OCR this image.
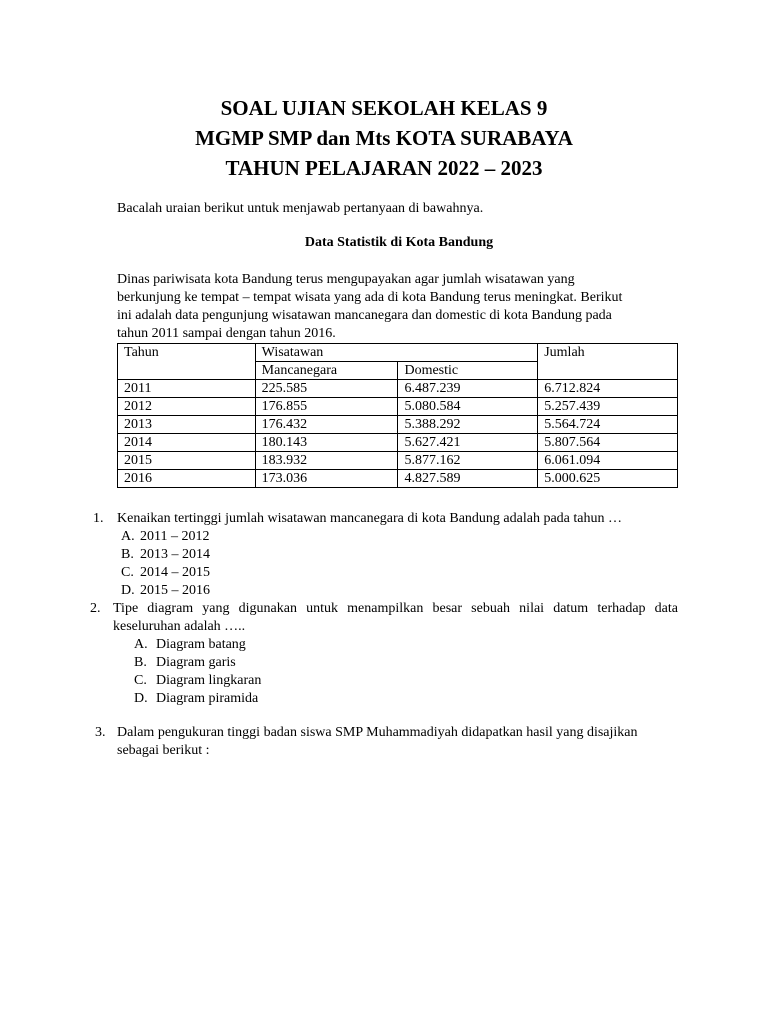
SOAL UJIAN SEKOLAH KELAS 9
MGMP SMP dan Mts KOTA SURABAYA
TAHUN PELAJARAN 2022 – 2023
Bacalah uraian berikut untuk menjawab pertanyaan di bawahnya.
Data Statistik di Kota Bandung
Dinas pariwisata kota Bandung terus mengupayakan agar jumlah wisatawan yang
berkunjung ke tempat – tempat wisata yang ada di kota Bandung terus meningkat. Berikut
ini adalah data pengunjung wisatawan mancanegara dan domestic di kota Bandung pada
tahun 2011 sampai dengan tahun 2016.
Tahun	Wisatawan		Jumlah
	Mancanegara	Domestic	
2011	225.585	6.487.239	6.712.824
2012	176.855	5.080.584	5.257.439
2013	176.432	5.388.292	5.564.724
2014	180.143	5.627.421	5.807.564
2015	183.932	5.877.162	6.061.094
2016	173.036	4.827.589	5.000.625
1. Kenaikan tertinggi jumlah wisatawan mancanegara di kota Bandung adalah pada tahun …
A. 2011 – 2012
B. 2013 – 2014
C. 2014 – 2015
D. 2015 – 2016
2. Tipe diagram yang digunakan untuk menampilkan besar sebuah nilai datum terhadap data
keseluruhan adalah …..
A. Diagram batang
B. Diagram garis
C. Diagram lingkaran
D. Diagram piramida
3. Dalam pengukuran tinggi badan siswa SMP Muhammadiyah didapatkan hasil yang disajikan
sebagai berikut :
